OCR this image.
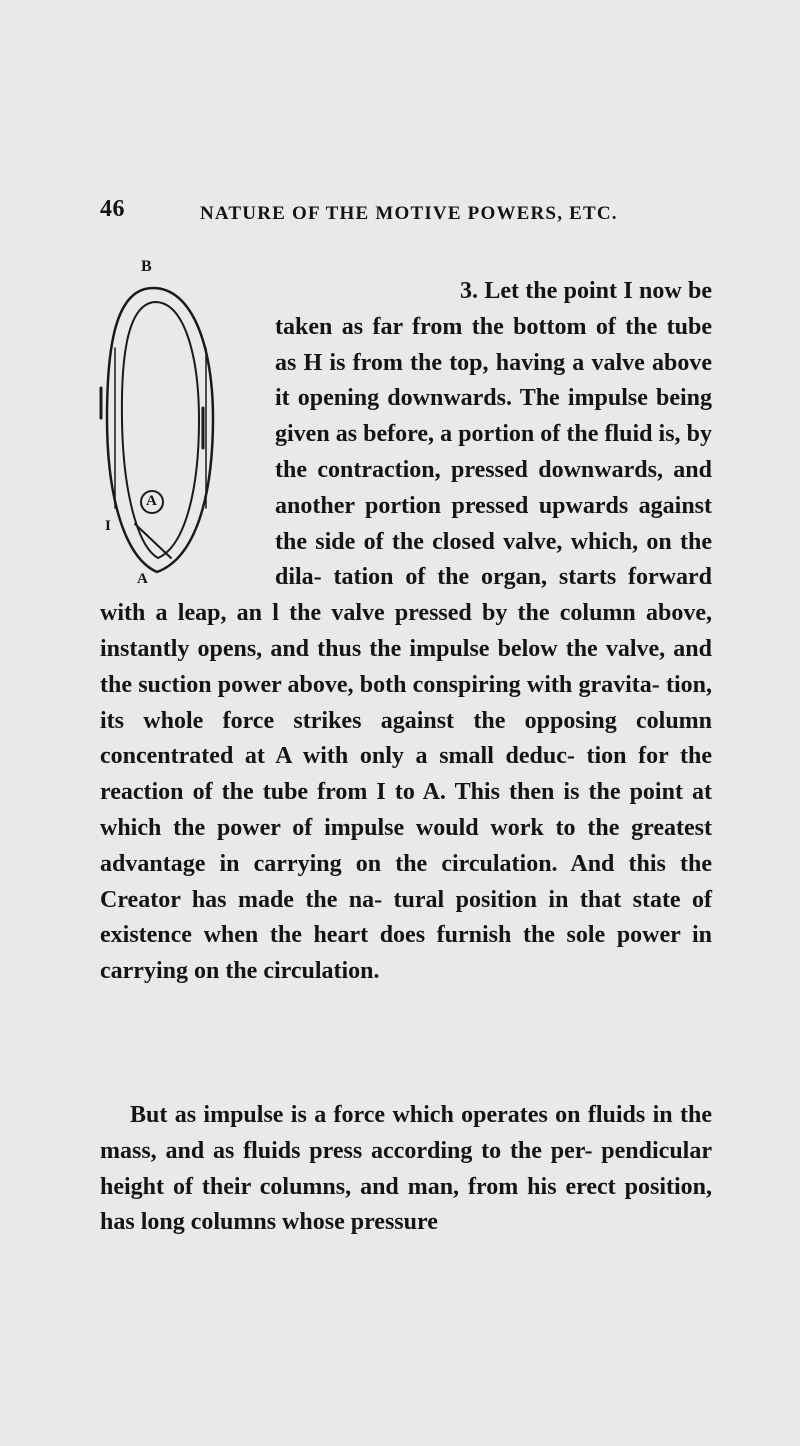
46	NATURE OF THE MOTIVE POWERS, ETC.
B
I
A
A

3. Let the point I now be taken as far from the bottom of the tube as H is from the top, having a valve above it opening downwards. The impulse being given as before, a portion of the fluid is, by the contraction, pressed downwards, and another portion pressed upwards against the side of the closed valve, which, on the dila- tation of the organ, starts forward with a leap, an l the valve pressed by the column above, instantly opens, and thus the impulse below the valve, and the suction power above, both conspiring with gravita- tion, its whole force strikes against the opposing column concentrated at A with only a small deduc- tion for the reaction of the tube from I to A. This then is the point at which the power of impulse would work to the greatest advantage in carrying on the circulation. And this the Creator has made the na- tural position in that state of existence when the heart does furnish the sole power in carrying on the circulation.

But as impulse is a force which operates on fluids in the mass, and as fluids press according to the per- pendicular height of their columns, and man, from his erect position, has long columns whose pressure
